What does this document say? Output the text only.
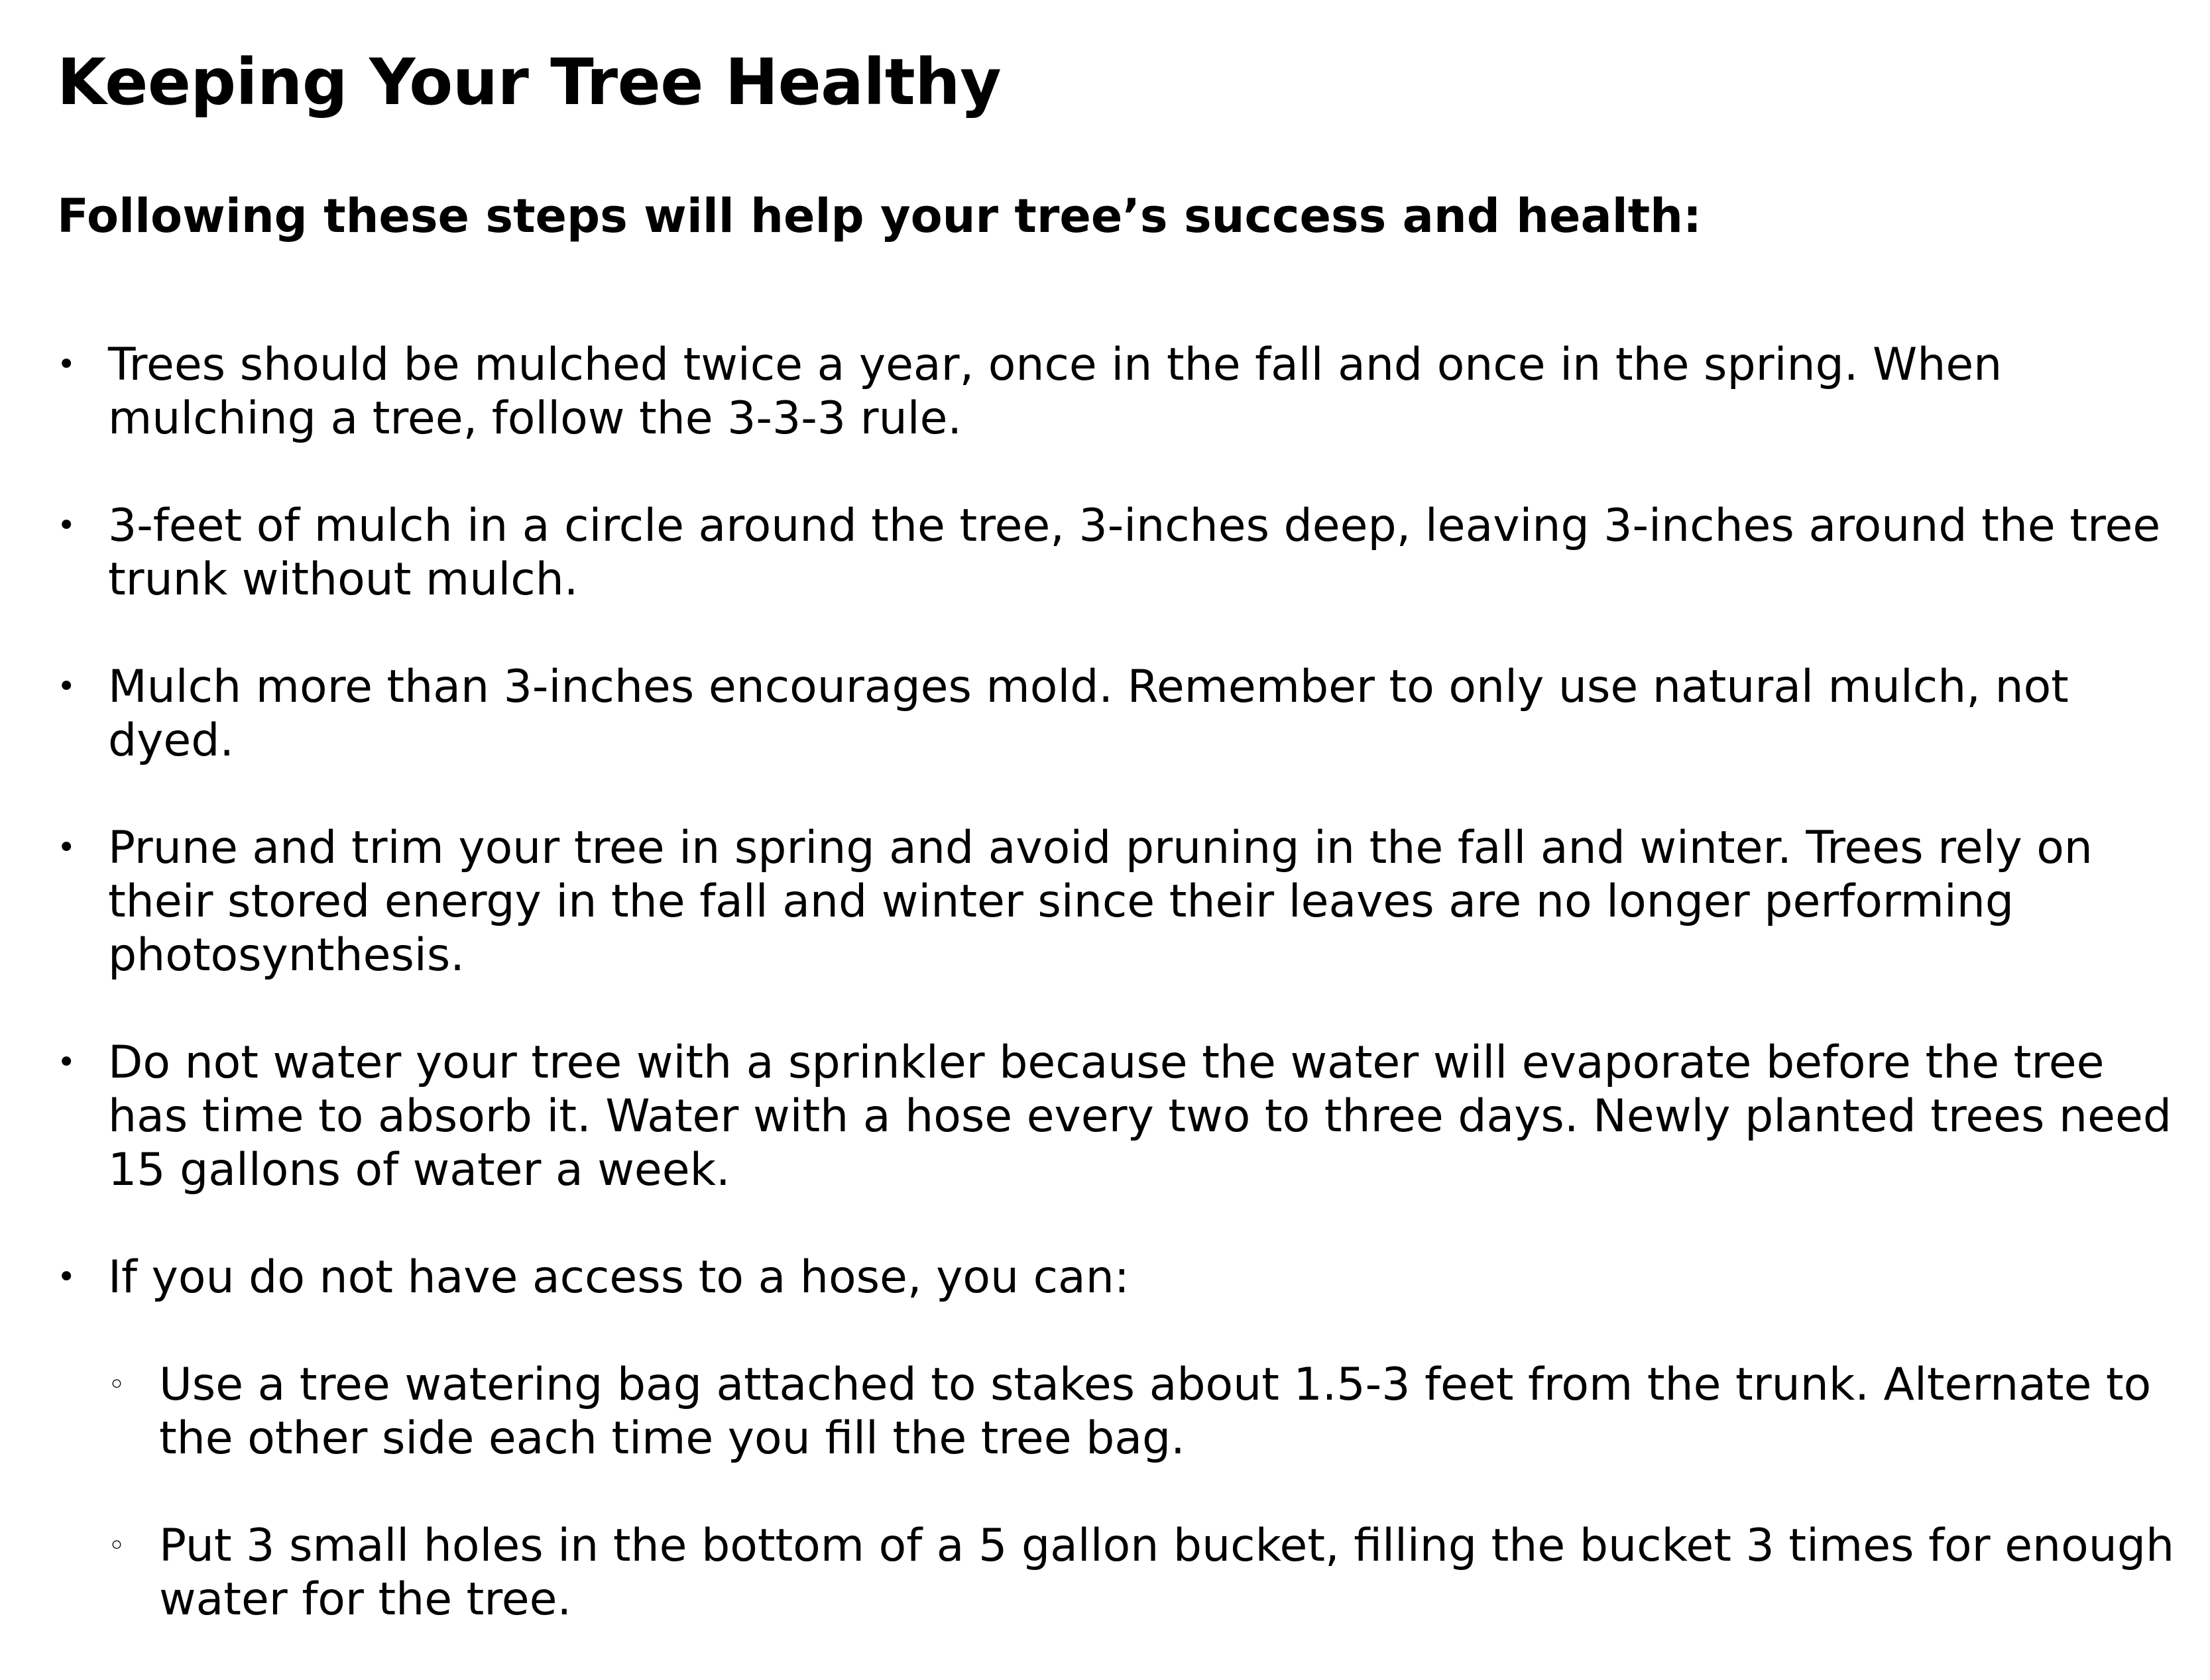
Keeping Your Tree Healthy
Following these steps will help your tree’s success and health:
• Trees should be mulched twice a year, once in the fall and once in the spring. When mulching a tree, follow the 3-3-3 rule.
• 3-feet of mulch in a circle around the tree, 3-inches deep, leaving 3-inches around the tree trunk without mulch.
• Mulch more than 3-inches encourages mold. Remember to only use natural mulch, not dyed.
• Prune and trim your tree in spring and avoid pruning in the fall and winter. Trees rely on their stored energy in the fall and winter since their leaves are no longer performing photosynthesis.
• Do not water your tree with a sprinkler because the water will evaporate before the tree has time to absorb it. Water with a hose every two to three days. Newly planted trees need 15 gallons of water a week.
• If you do not have access to a hose, you can:
◦ Use a tree watering bag attached to stakes about 1.5-3 feet from the trunk. Alternate to the other side each time you fill the tree bag.
◦ Put 3 small holes in the bottom of a 5 gallon bucket, filling the bucket 3 times for enough water for the tree.
